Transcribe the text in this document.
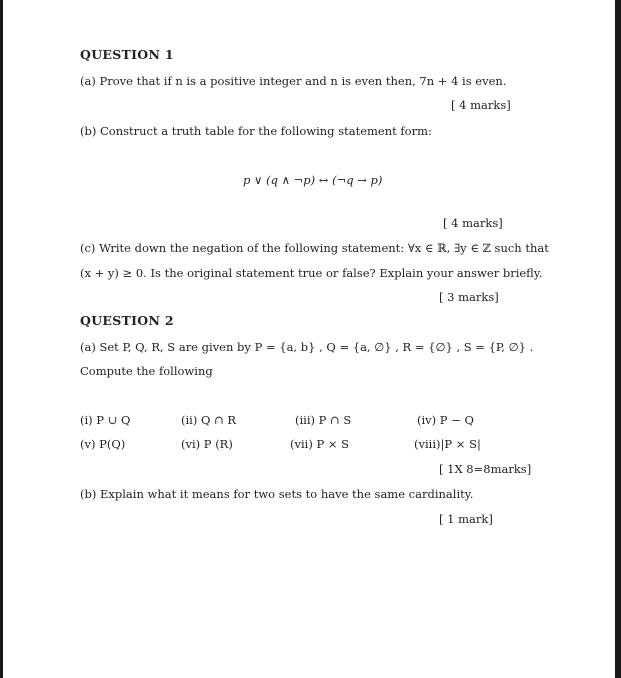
QUESTION 1
(a) Prove that if n is a positive integer and n is even then, 7n + 4 is even.
[ 4 marks]
(b) Construct a truth table for the following statement form:
p ∨ (q ∧ ¬p) ↔ (¬q → p)
[ 4 marks]
(c) Write down the negation of the following statement: ∀x ∈ ℝ, ∃y ∈ ℤ such that
(x + y) ≥ 0. Is the original statement true or false? Explain your answer briefly.
[ 3 marks]
QUESTION 2
(a) Set P, Q, R, S are given by P = {a, b} , Q = {a, ∅} , R = {∅} , S = {P, ∅} .
Compute the following
(i) P ∪ Q	(ii) Q ∩ R	(iii) P ∩ S	(iv) P − Q
(v) P(Q)	(vi) P (R)	(vii) P × S	(viii)|P × S|
[ 1X 8=8marks]
(b) Explain what it means for two sets to have the same cardinality.
[ 1 mark]
